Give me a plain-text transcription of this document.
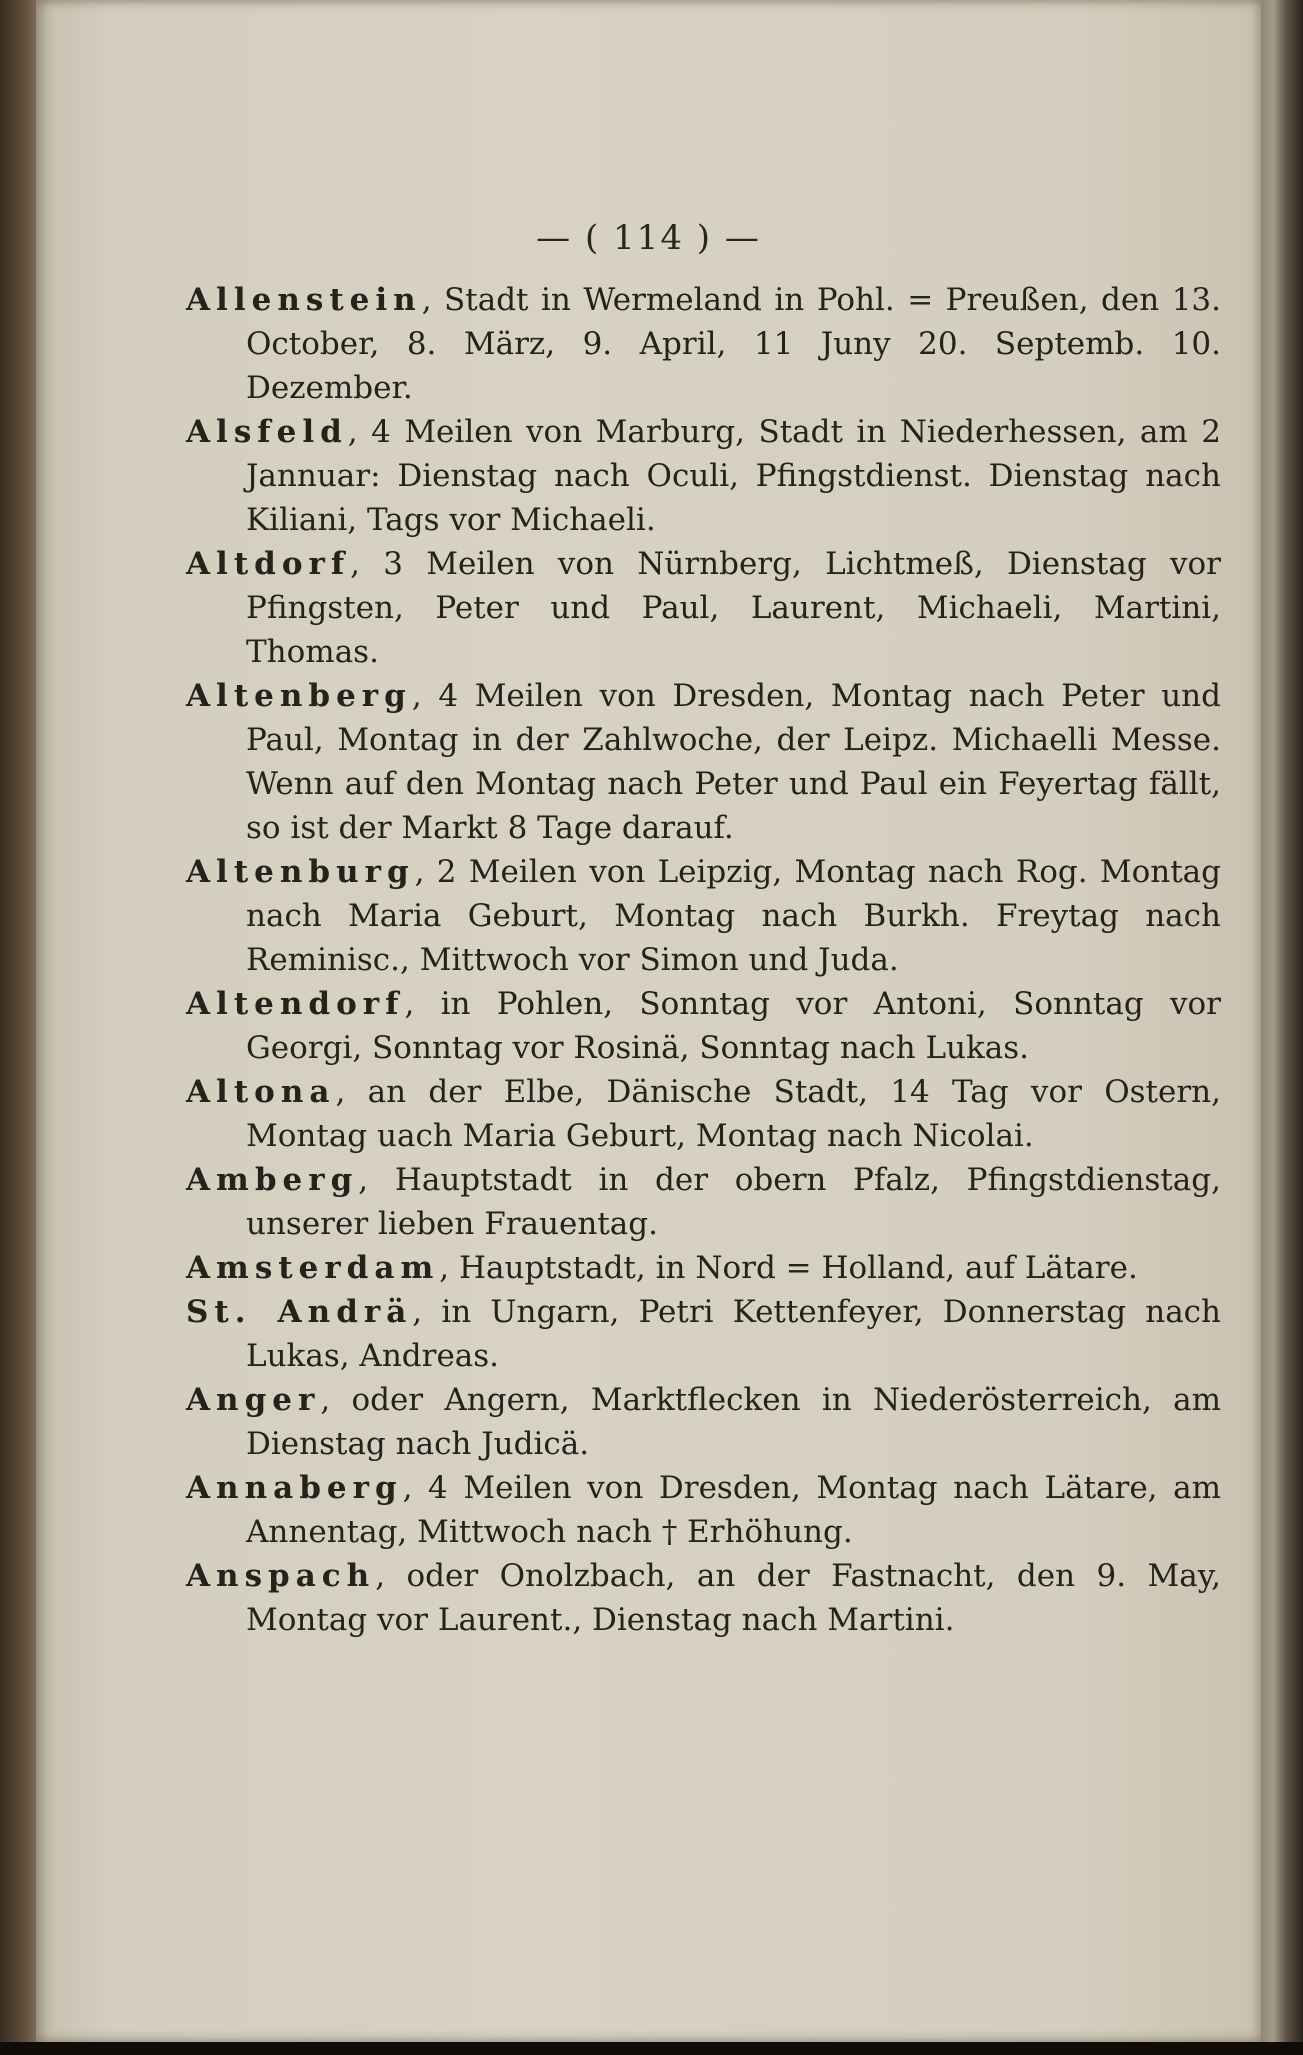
— ( 114 ) —

Allenstein, Stadt in Wermeland in Pohl. = Preußen, den 13. October, 8. März, 9. April, 11 Juny 20. Septemb. 10. Dezember.

Alsfeld, 4 Meilen von Marburg, Stadt in Niederhessen, am 2 Jannuar: Dienstag nach Oculi, Pfingstdienst. Dienstag nach Kiliani, Tags vor Michaeli.

Altdorf, 3 Meilen von Nürnberg, Lichtmeß, Dienstag vor Pfingsten, Peter und Paul, Laurent, Michaeli, Martini, Thomas.

Altenberg, 4 Meilen von Dresden, Montag nach Peter und Paul, Montag in der Zahlwoche, der Leipz. Michaelli Messe. Wenn auf den Montag nach Peter und Paul ein Feyertag fällt, so ist der Markt 8 Tage darauf.

Altenburg, 2 Meilen von Leipzig, Montag nach Rog. Montag nach Maria Geburt, Montag nach Burkh. Freytag nach Reminisc., Mittwoch vor Simon und Juda.

Altendorf, in Pohlen, Sonntag vor Antoni, Sonntag vor Georgi, Sonntag vor Rosinä, Sonntag nach Lukas.

Altona, an der Elbe, Dänische Stadt, 14 Tag vor Ostern, Montag uach Maria Geburt, Montag nach Nicolai.

Amberg, Hauptstadt in der obern Pfalz, Pfingstdienstag, unserer lieben Frauentag.

Amsterdam, Hauptstadt, in Nord = Holland, auf Lätare.

St. Andrä, in Ungarn, Petri Kettenfeyer, Donnerstag nach Lukas, Andreas.

Anger, oder Angern, Marktflecken in Niederösterreich, am Dienstag nach Judicä.

Annaberg, 4 Meilen von Dresden, Montag nach Lätare, am Annentag, Mittwoch nach † Erhöhung.

Anspach, oder Onolzbach, an der Fastnacht, den 9. May, Montag vor Laurent., Dienstag nach Martini.
